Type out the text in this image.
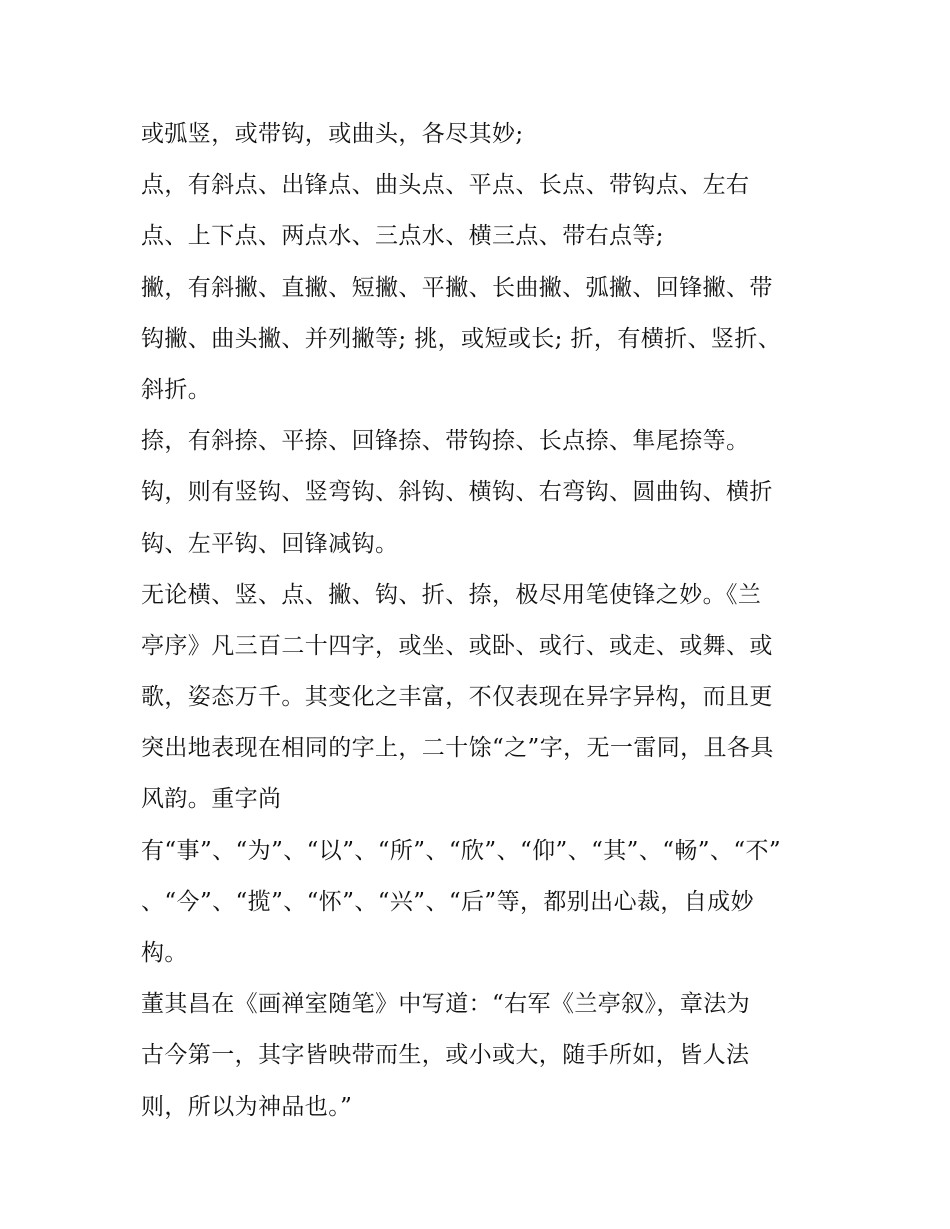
或弧竖，或带钩，或曲头，各尽其妙;
点，有斜点、出锋点、曲头点、平点、长点、带钩点、左右
点、上下点、两点水、三点水、横三点、带右点等;
撇，有斜撇、直撇、短撇、平撇、长曲撇、弧撇、回锋撇、带
钩撇、曲头撇、并列撇等; 挑，或短或长; 折，有横折、竖折、
斜折。
捺，有斜捺、平捺、回锋捺、带钩捺、长点捺、隼尾捺等。
钩，则有竖钩、竖弯钩、斜钩、横钩、右弯钩、圆曲钩、横折
钩、左平钩、回锋减钩。
无论横、竖、点、撇、钩、折、捺，极尽用笔使锋之妙。《兰
亭序》凡三百二十四字，或坐、或卧、或行、或走、或舞、或
歌，姿态万千。其变化之丰富，不仅表现在异字异构，而且更
突出地表现在相同的字上，二十馀“之”字，无一雷同，且各具
风韵。重字尚
有“事”、“为”、“以”、“所”、“欣”、“仰”、“其”、“畅”、“不”
、“今”、“揽”、“怀”、“兴”、“后”等，都别出心裁，自成妙
构。
董其昌在《画禅室随笔》中写道：“右军《兰亭叙》，章法为
古今第一，其字皆映带而生，或小或大，随手所如，皆人法
则，所以为神品也。”
